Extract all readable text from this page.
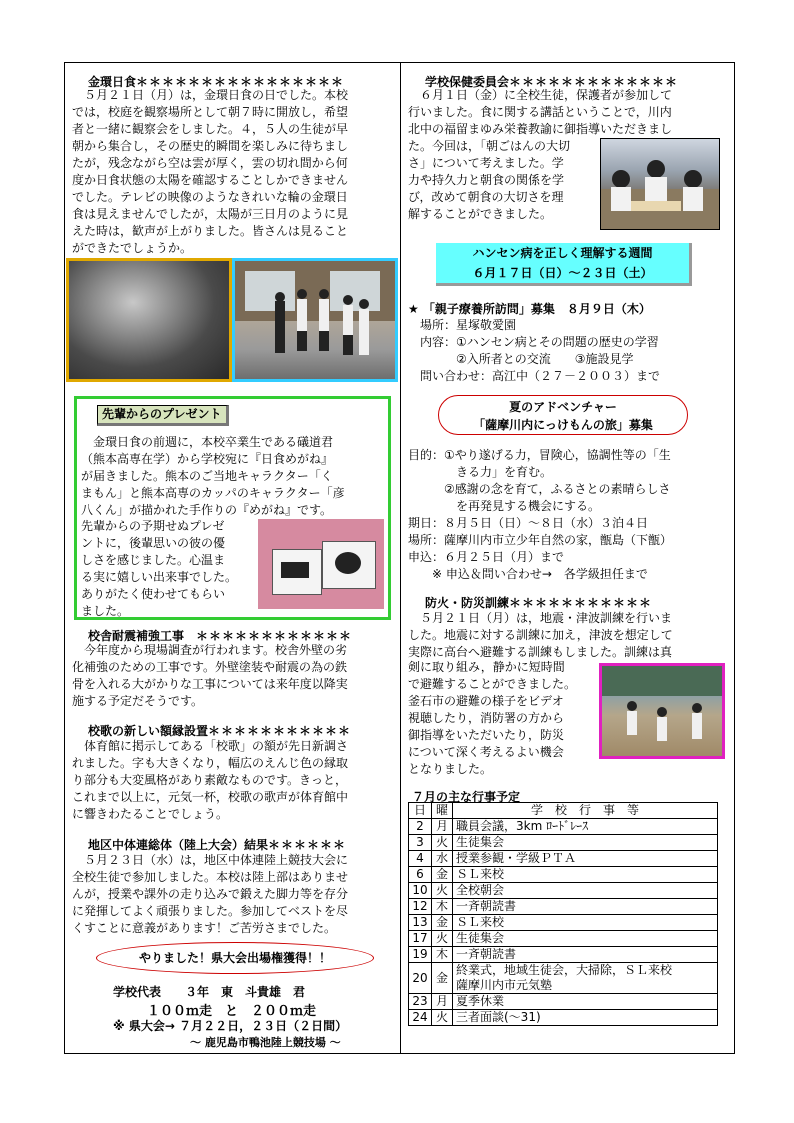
金環日食＊＊＊＊＊＊＊＊＊＊＊＊＊＊＊＊

　５月２１日（月）は，金環日食の日でした。本校
では，校庭を観察場所として朝７時に開放し，希望
者と一緒に観察会をしました。４，５人の生徒が早
朝から集合し，その歴史的瞬間を楽しみに待ちまし
たが，残念ながら空は雲が厚く，雲の切れ間から何
度か日食状態の太陽を確認することしかできません
でした。テレビの映像のようなきれいな輪の金環日
食は見えませんでしたが，太陽が三日月のように見
えた時は，歓声が上がりました。皆さんは見ること
ができたでしょうか。

先輩からのプレゼント

　金環日食の前週に，本校卒業生である礒道君
（熊本高専在学）から学校宛に『日食めがね』
が届きました。熊本のご当地キャラクター「く
まもん」と熊本高専のカッパのキャラクター「彦
八くん」が描かれた手作りの『めがね』です。

先輩からの予期せぬプレゼ
ントに，後輩思いの彼の優
しさを感じました。心温ま
る実に嬉しい出来事でした。
ありがたく使わせてもらい
ました。

校舎耐震補強工事　 ＊＊＊＊＊＊＊＊＊＊＊＊

　今年度から現場調査が行われます。校舎外壁の劣
化補強のための工事です。外壁塗装や耐震の為の鉄
骨を入れる大がかりな工事については来年度以降実
施する予定だそうです。

校歌の新しい額縁設置＊＊＊＊＊＊＊＊＊＊＊

　体育館に掲示してある「校歌」の額が先日新調さ
れました。字も大きくなり，幅広のえんじ色の縁取
り部分も大変風格があり素敵なものです。きっと，
これまで以上に，元気一杯，校歌の歌声が体育館中
に響きわたることでしょう。

地区中体連総体（陸上大会）結果＊＊＊＊＊＊

　５月２３日（水）は，地区中体連陸上競技大会に
全校生徒で参加しました。本校は陸上部はありませ
んが，授業や課外の走り込みで鍛えた脚力等を存分
に発揮してよく頑張りました。参加してベストを尽
くすことに意義があります！ご苦労さまでした。

やりました！県大会出場権獲得！！
学校代表　　３年　東　斗貴雄　君
１００ｍ走　と　２００ｍ走
※ 県大会→ ７月２２日，２３日（２日間）
～ 鹿児島市鴨池陸上競技場 ～
学校保健委員会＊＊＊＊＊＊＊＊＊＊＊＊＊

　６月１日（金）に全校生徒，保護者が参加して
行いました。食に関する講話ということで，川内
北中の福留まゆみ栄養教諭に御指導いただきまし

た。今回は，「朝ごはんの大切
さ」について考えました。学
力や持久力と朝食の関係を学
び，改めて朝食の大切さを理
解することができました。

ハンセン病を正しく理解する週間
６月１７日（日）～２３日（土）
★ 「親子療養所訪問」募集　８月９日（木）

　場所：星塚敬愛園
　内容：①ハンセン病とその問題の歴史の学習
　　　　②入所者との交流　　③施設見学
　問い合わせ：高江中（２７－２００３）まで

夏のアドベンチャー
「薩摩川内にっけもんの旅」募集

目的：①やり遂げる力，冒険心，協調性等の「生
　　　　きる力」を育む。
　　　②感謝の念を育て，ふるさとの素晴らしさ
　　　　を再発見する機会にする。
期日：８月５日（日）～８日（水）３泊４日
場所：薩摩川内市立少年自然の家，甑島（下甑）
申込：６月２５日（月）まで
　　※ 申込＆問い合わせ→　各学級担任まで

防火・防災訓練＊＊＊＊＊＊＊＊＊＊＊

　５月２１日（月）は，地震・津波訓練を行いま
した。地震に対する訓練に加え，津波を想定して
実際に高台へ避難する訓練もしました。訓練は真

剣に取り組み，静かに短時間
で避難することができました。
釜石市の避難の様子をビデオ
視聴したり，消防署の方から
御指導をいただいたり，防災
について深く考えるよい機会
となりました。

７月の主な行事予定
日	曜	学　校　行　事　等
2	月	職員会議，3km ﾛｰﾄﾞﾚｰｽ
3	火	生徒集会
4	水	授業参観・学級ＰＴＡ
6	金	ＳＬ来校
10	火	全校朝会
12	木	一斉朝読書
13	金	ＳＬ来校
17	火	生徒集会
19	木	一斉朝読書
20	金	終業式，地域生徒会，大掃除，ＳＬ来校
薩摩川内市元気塾
23	月	夏季休業
24	火	三者面談(～31)
